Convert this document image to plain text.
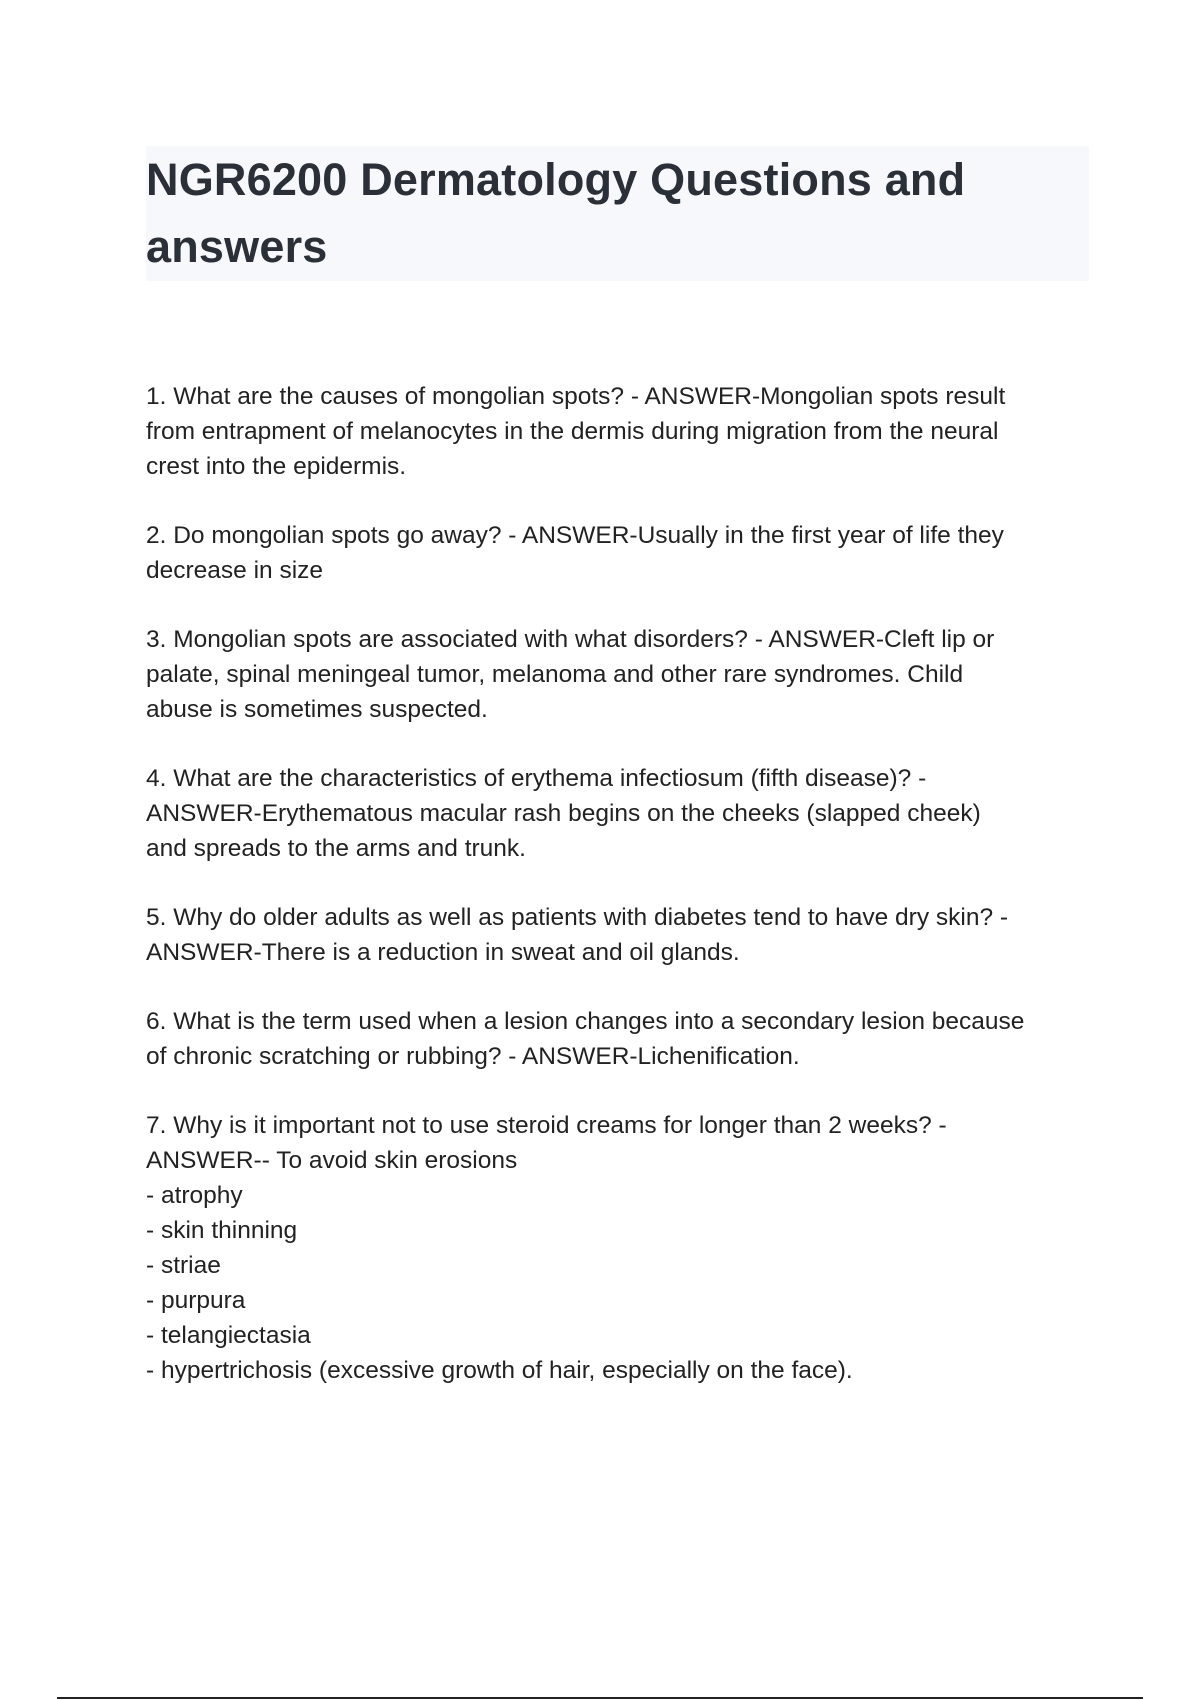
NGR6200 Dermatology Questions and
answers

1. What are the causes of mongolian spots? - ANSWER-Mongolian spots result
from entrapment of melanocytes in the dermis during migration from the neural
crest into the epidermis.

2. Do mongolian spots go away? - ANSWER-Usually in the first year of life they
decrease in size

3. Mongolian spots are associated with what disorders? - ANSWER-Cleft lip or
palate, spinal meningeal tumor, melanoma and other rare syndromes. Child
abuse is sometimes suspected.

4. What are the characteristics of erythema infectiosum (fifth disease)? -
ANSWER-Erythematous macular rash begins on the cheeks (slapped cheek)
and spreads to the arms and trunk.

5. Why do older adults as well as patients with diabetes tend to have dry skin? -
ANSWER-There is a reduction in sweat and oil glands.

6. What is the term used when a lesion changes into a secondary lesion because
of chronic scratching or rubbing? - ANSWER-Lichenification.

7. Why is it important not to use steroid creams for longer than 2 weeks? -
ANSWER-- To avoid skin erosions
- atrophy
- skin thinning
- striae
- purpura
- telangiectasia
- hypertrichosis (excessive growth of hair, especially on the face).
